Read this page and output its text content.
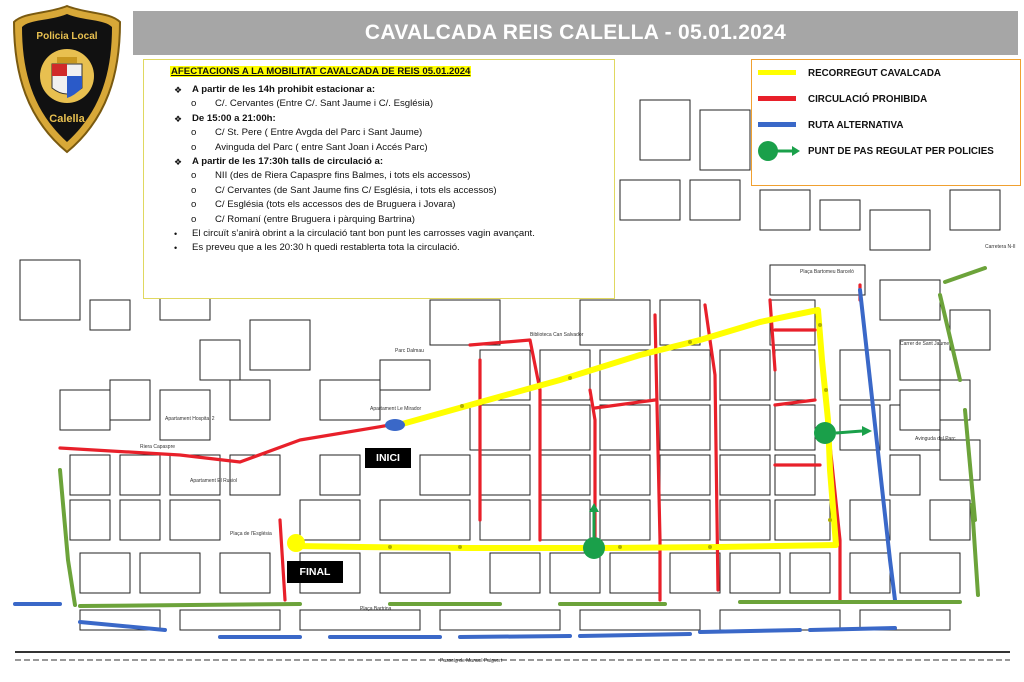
Plaça Bartomeu Barceló
Parc Dalmau
Apartament Hospital 2
Apartament El Rusiol
Plaça de l'Església
Apartament Le Mirador
Biblioteca Can Salvador
Passeig de Manuel Puigvert
Carretera N-II
Riera Capaspre
Plaça Bartrina
Avinguda del Parc
Carrer de Sant Jaume
CAVALCADA REIS CALELLA - 05.01.2024
Policia Local
Calella
AFECTACIONS A LA MOBILITAT CAVALCADA DE REIS 05.01.2024
❖ A partir de les 14h prohibit estacionar a:
o C/. Cervantes (Entre C/. Sant Jaume i C/. Església)
❖ De 15:00 a 21:00h:
o C/ St. Pere ( Entre Avgda del Parc i Sant Jaume)
o Avinguda del Parc ( entre Sant Joan i Accés Parc)
❖ A partir de les 17:30h talls de circulació a:
o NII (des de Riera Capaspre fins Balmes, i tots els accessos)
o C/ Cervantes (de Sant Jaume fins C/ Església, i tots els accessos)
o C/ Església (tots els accessos des de Bruguera i Jovara)
o C/ Romaní (entre Bruguera i pàrquing Bartrina)
• El circuït s’anirà obrint a la circulació tant bon punt les carrosses vagin avançant.
• Es preveu que a les 20:30 h quedi restablerta tota la circulació.
RECORREGUT CAVALCADA
CIRCULACIÓ PROHIBIDA
RUTA ALTERNATIVA
PUNT DE PAS REGULAT PER POLICIES
INICI
FINAL
